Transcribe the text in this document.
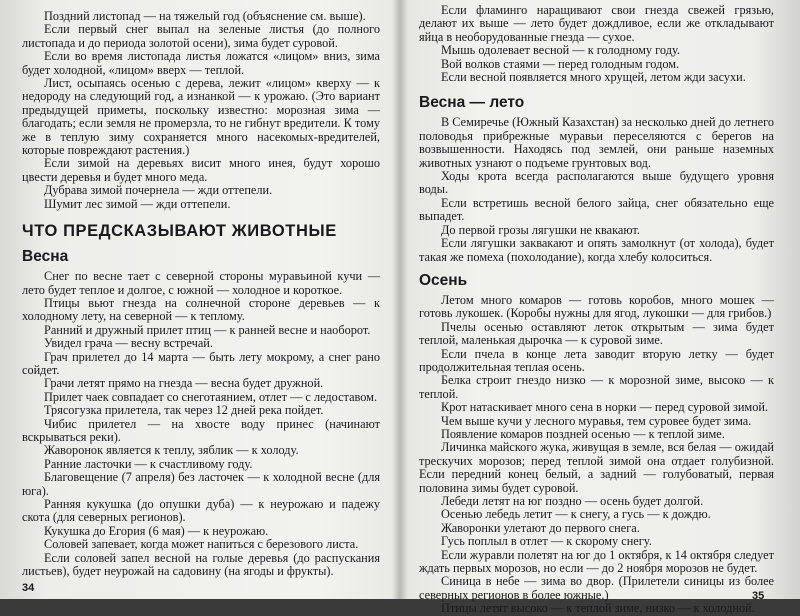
Поздний листопад — на тяжелый год (объяснение см. выше).

Если первый снег выпал на зеленые листья (до полного листопада и до периода золотой осени), зима будет суровой.

Если во время листопада листья ложатся «лицом» вниз, зима будет холодной, «лицом» вверх — теплой.

Лист, осыпаясь осенью с дерева, лежит «лицом» кверху — к недороду на следующий год, а изнанкой — к урожаю. (Это вариант предыдущей приметы, поскольку известно: морозная зима — благодать; если земля не промерзла, то не гибнут вредители. К тому же в теплую зиму сохраняется много насекомых-вредителей, которые повреждают растения.)

Если зимой на деревьях висит много инея, будут хорошо цвести деревья и будет много меда.

Дубрава зимой почернела — жди оттепели.

Шумит лес зимой — жди оттепели.

ЧТО ПРЕДСКАЗЫВАЮТ ЖИВОТНЫЕ
Весна

Снег по весне тает с северной стороны муравьиной кучи — лето будет теплое и долгое, с южной — холодное и короткое.

Птицы вьют гнезда на солнечной стороне деревьев — к холодному лету, на северной — к теплому.

Ранний и дружный прилет птиц — к ранней весне и наоборот.

Увидел грача — весну встречай.

Грач прилетел до 14 марта — быть лету мокрому, а снег рано сойдет.

Грачи летят прямо на гнезда — весна будет дружной.

Прилет чаек совпадает со снеготаянием, отлет — с ледоставом.

Трясогузка прилетела, так через 12 дней река пойдет.

Чибис прилетел — на хвосте воду принес (начинают вскрываться реки).

Жаворонок является к теплу, зяблик — к холоду.

Ранние ласточки — к счастливому году.

Благовещение (7 апреля) без ласточек — к холодной весне (для юга).

Ранняя кукушка (до опушки дуба) — к неурожаю и падежу скота (для северных регионов).

Кукушка до Егория (6 мая) — к неурожаю.

Соловей запевает, когда может напиться с березового листа.

Если соловей запел весной на голые деревья (до распускания листьев), будет неурожай на садовину (на ягоды и фрукты).

Если фламинго наращивают свои гнезда свежей грязью, делают их выше — лето будет дождливое, если же откладывают яйца в необорудованные гнезда — сухое.

Мышь одолевает весной — к голодному году.

Вой волков стаями — перед голодным годом.

Если весной появляется много хрущей, летом жди засухи.

Весна — лето

В Семиречье (Южный Казахстан) за несколько дней до летнего половодья прибрежные муравьи переселяются с берегов на возвышенности. Находясь под землей, они раньше наземных животных узнают о подъеме грунтовых вод.

Ходы крота всегда располагаются выше будущего уровня воды.

Если встретишь весной белого зайца, снег обязательно еще выпадет.

До первой грозы лягушки не квакают.

Если лягушки заквакают и опять замолкнут (от холода), будет такая же помеха (похолодание), когда хлебу колоситься.

Осень

Летом много комаров — готовь коробов, много мошек — готовь лукошек. (Коробы нужны для ягод, лукошки — для грибов.)

Пчелы осенью оставляют леток открытым — зима будет теплой, маленькая дырочка — к суровой зиме.

Если пчела в конце лета заводит вторую летку — будет продолжительная теплая осень.

Белка строит гнездо низко — к морозной зиме, высоко — к теплой.

Крот натаскивает много сена в норки — перед суровой зимой.

Чем выше кучи у лесного муравья, тем суровее будет зима.

Появление комаров поздней осенью — к теплой зиме.

Личинка майского жука, живущая в земле, вся белая — ожидай трескучих морозов; перед теплой зимой она отдает голубизной. Если передний конец белый, а задний — голубоватый, первая половина зимы будет суровой.

Лебеди летят на юг поздно — осень будет долгой.

Осенью лебедь летит — к снегу, а гусь — к дождю.

Жаворонки улетают до первого снега.

Гусь поплыл в отлет — к скорому снегу.

Если журавли полетят на юг до 1 октября, к 14 октября следует ждать первых морозов, но если — до 2 ноября морозов не будет.

Синица в небе — зима во двор. (Прилетели синицы из более северных регионов в более южные.)

Птицы летят высоко — к теплой зиме, низко — к холодной.

34
35
